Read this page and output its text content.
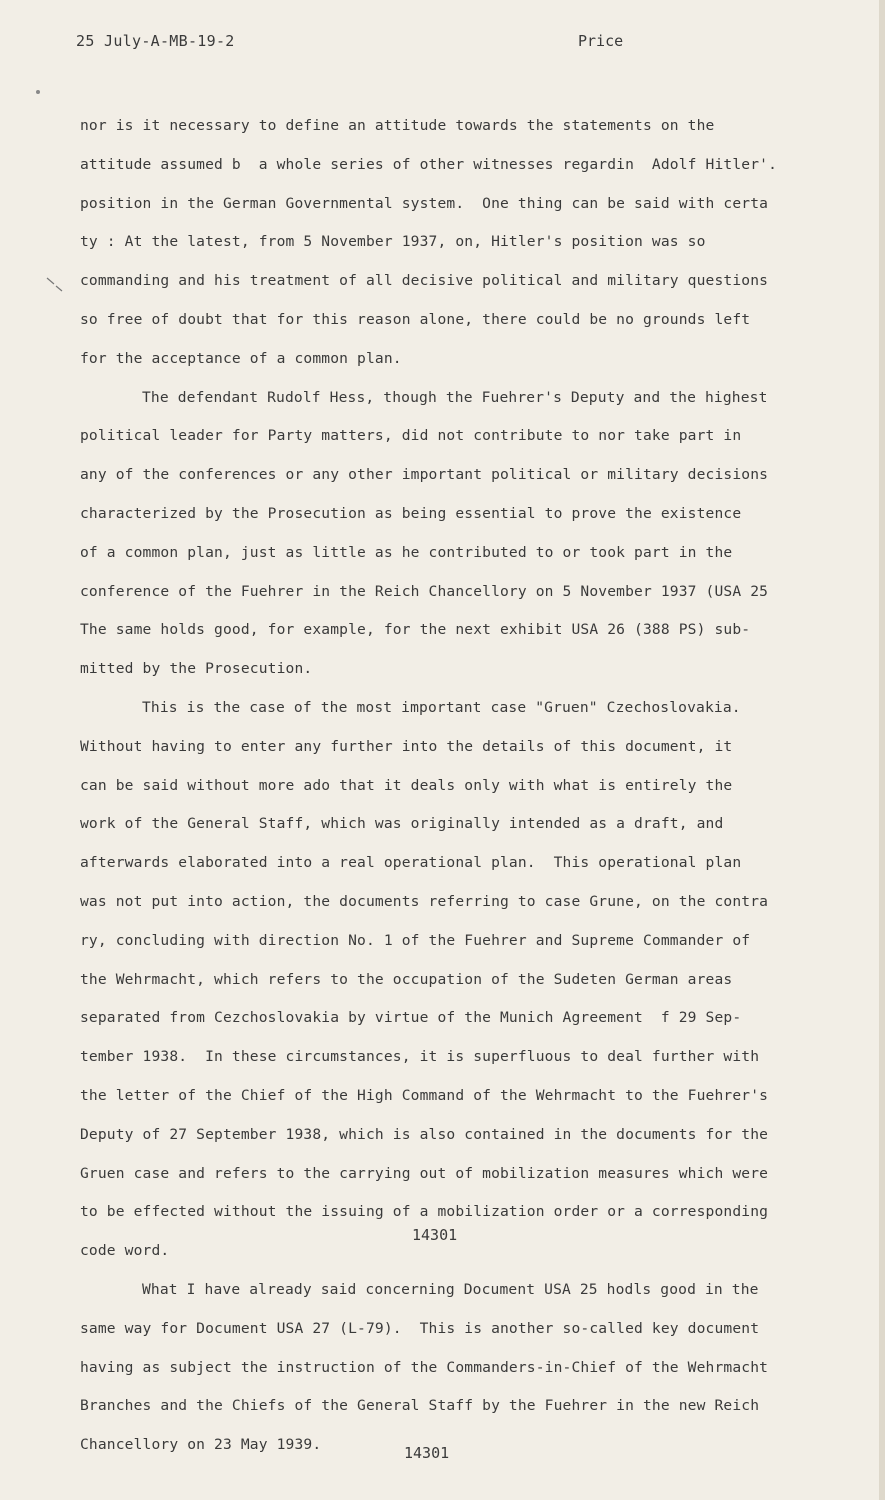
25 July-A-MB-19-2	Price
nor is it necessary to define an attitude towards the statements on the
attitude assumed b  a whole series of other witnesses regardin  Adolf Hitler'.
position in the German Governmental system.  One thing can be said with certa
ty : At the latest, from 5 November 1937, on, Hitler's position was so
commanding and his treatment of all decisive political and military questions
so free of doubt that for this reason alone, there could be no grounds left
for the acceptance of a common plan.
The defendant Rudolf Hess, though the Fuehrer's Deputy and the highest
political leader for Party matters, did not contribute to nor take part in
any of the conferences or any other important political or military decisions
characterized by the Prosecution as being essential to prove the existence
of a common plan, just as little as he contributed to or took part in the
conference of the Fuehrer in the Reich Chancellory on 5 November 1937 (USA 25
The same holds good, for example, for the next exhibit USA 26 (388 PS) sub-
mitted by the Prosecution.
This is the case of the most important case "Gruen" Czechoslovakia.
Without having to enter any further into the details of this document, it
can be said without more ado that it deals only with what is entirely the
work of the General Staff, which was originally intended as a draft, and
afterwards elaborated into a real operational plan.  This operational plan
was not put into action, the documents referring to case Grune, on the contra
ry, concluding with direction No. 1 of the Fuehrer and Supreme Commander of
the Wehrmacht, which refers to the occupation of the Sudeten German areas
separated from Cezchoslovakia by virtue of the Munich Agreement  f 29 Sep-
tember 1938.  In these circumstances, it is superfluous to deal further with
the letter of the Chief of the High Command of the Wehrmacht to the Fuehrer's
Deputy of 27 September 1938, which is also contained in the documents for the
Gruen case and refers to the carrying out of mobilization measures which were
to be effected without the issuing of a mobilization order or a corresponding
code word.
What I have already said concerning Document USA 25 hodls good in the
same way for Document USA 27 (L-79).  This is another so-called key document
having as subject the instruction of the Commanders-in-Chief of the Wehrmacht
Branches and the Chiefs of the General Staff by the Fuehrer in the new Reich
Chancellory on 23 May 1939.
14301
14301
